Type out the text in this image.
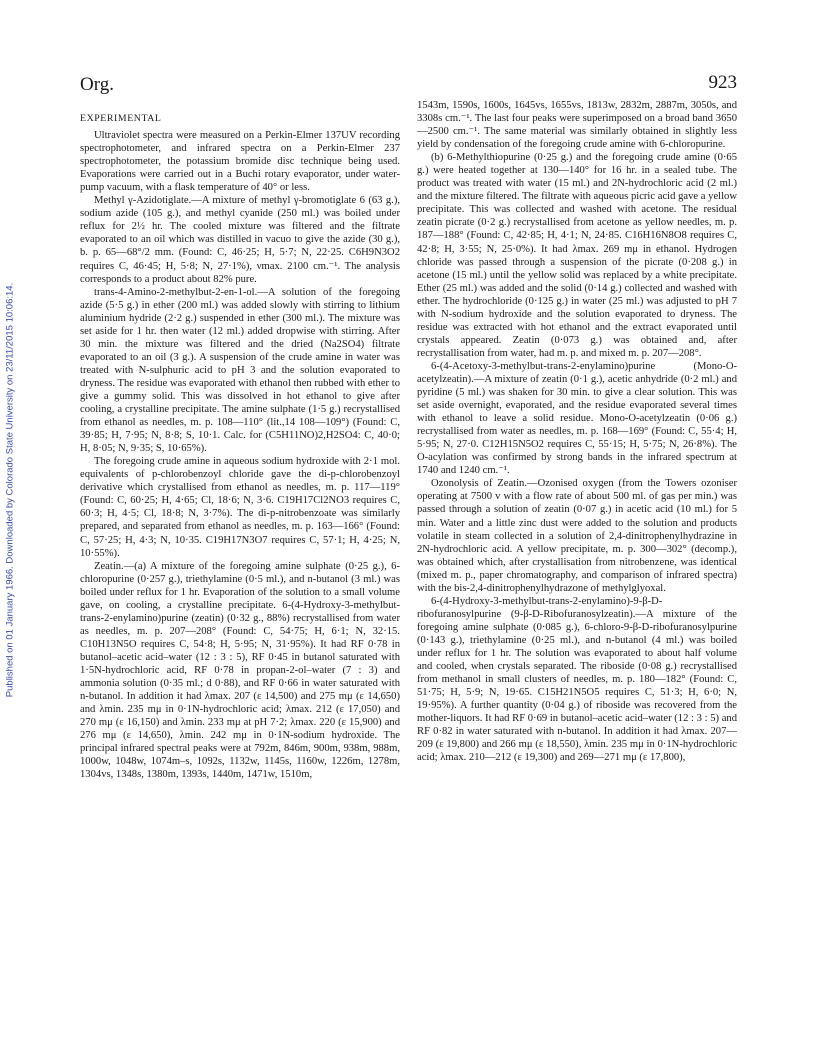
Org.	923
Published on 01 January 1966. Downloaded by Colorado State University on 23/11/2015 10:06:14.

EXPERIMENTAL

Ultraviolet spectra were measured on a Perkin-Elmer 137UV recording spectrophotometer, and infrared spectra on a Perkin-Elmer 237 spectrophotometer, the potassium bromide disc technique being used. Evaporations were carried out in a Buchi rotary evaporator, under water-pump vacuum, with a flask temperature of 40° or less.

Methyl γ-Azidotiglate.—A mixture of methyl γ-bromotiglate 6 (63 g.), sodium azide (105 g.), and methyl cyanide (250 ml.) was boiled under reflux for 2½ hr. The cooled mixture was filtered and the filtrate evaporated to an oil which was distilled in vacuo to give the azide (30 g.), b. p. 65—68°/2 mm. (Found: C, 46·25; H, 5·7; N, 22·25. C6H9N3O2 requires C, 46·45; H, 5·8; N, 27·1%), νmax. 2100 cm.⁻¹. The analysis corresponds to a product about 82% pure.

trans-4-Amino-2-methylbut-2-en-1-ol.—A solution of the foregoing azide (5·5 g.) in ether (200 ml.) was added slowly with stirring to lithium aluminium hydride (2·2 g.) suspended in ether (300 ml.). The mixture was set aside for 1 hr. then water (12 ml.) added dropwise with stirring. After 30 min. the mixture was filtered and the dried (Na2SO4) filtrate evaporated to an oil (3 g.). A suspension of the crude amine in water was treated with N-sulphuric acid to pH 3 and the solution evaporated to dryness. The residue was evaporated with ethanol then rubbed with ether to give a gummy solid. This was dissolved in hot ethanol to give after cooling, a crystalline precipitate. The amine sulphate (1·5 g.) recrystallised from ethanol as needles, m. p. 108—110° (lit.,14 108—109°) (Found: C, 39·85; H, 7·95; N, 8·8; S, 10·1. Calc. for (C5H11NO)2,H2SO4: C, 40·0; H, 8·05; N, 9·35; S, 10·65%).

The foregoing crude amine in aqueous sodium hydroxide with 2·1 mol. equivalents of p-chlorobenzoyl chloride gave the di-p-chlorobenzoyl derivative which crystallised from ethanol as needles, m. p. 117—119° (Found: C, 60·25; H, 4·65; Cl, 18·6; N, 3·6. C19H17Cl2NO3 requires C, 60·3; H, 4·5; Cl, 18·8; N, 3·7%). The di-p-nitrobenzoate was similarly prepared, and separated from ethanol as needles, m. p. 163—166° (Found: C, 57·25; H, 4·3; N, 10·35. C19H17N3O7 requires C, 57·1; H, 4·25; N, 10·55%).

Zeatin.—(a) A mixture of the foregoing amine sulphate (0·25 g.), 6-chloropurine (0·257 g.), triethylamine (0·5 ml.), and n-butanol (3 ml.) was boiled under reflux for 1 hr. Evaporation of the solution to a small volume gave, on cooling, a crystalline precipitate. 6-(4-Hydroxy-3-methylbut-trans-2-enylamino)purine (zeatin) (0·32 g., 88%) recrystallised from water as needles, m. p. 207—208° (Found: C, 54·75; H, 6·1; N, 32·15. C10H13N5O requires C, 54·8; H, 5·95; N, 31·95%). It had RF 0·78 in butanol–acetic acid–water (12 : 3 : 5), RF 0·45 in butanol saturated with 1·5N-hydrochloric acid, RF 0·78 in propan-2-ol–water (7 : 3) and ammonia solution (0·35 ml.; d 0·88), and RF 0·66 in water saturated with n-butanol. In addition it had λmax. 207 (ε 14,500) and 275 mμ (ε 14,650) and λmin. 235 mμ in 0·1N-hydrochloric acid; λmax. 212 (ε 17,050) and 270 mμ (ε 16,150) and λmin. 233 mμ at pH 7·2; λmax. 220 (ε 15,900) and 276 mμ (ε 14,650), λmin. 242 mμ in 0·1N-sodium hydroxide. The principal infrared spectral peaks were at 792m, 846m, 900m, 938m, 988m, 1000w, 1048w, 1074m–s, 1092s, 1132w, 1145s, 1160w, 1226m, 1278m, 1304vs, 1348s, 1380m, 1393s, 1440m, 1471w, 1510m,

1543m, 1590s, 1600s, 1645vs, 1655vs, 1813w, 2832m, 2887m, 3050s, and 3308s cm.⁻¹. The last four peaks were superimposed on a broad band 3650—2500 cm.⁻¹. The same material was similarly obtained in slightly less yield by condensation of the foregoing crude amine with 6-chloropurine.

(b) 6-Methylthiopurine (0·25 g.) and the foregoing crude amine (0·65 g.) were heated together at 130—140° for 16 hr. in a sealed tube. The product was treated with water (15 ml.) and 2N-hydrochloric acid (2 ml.) and the mixture filtered. The filtrate with aqueous picric acid gave a yellow precipitate. This was collected and washed with acetone. The residual zeatin picrate (0·2 g.) recrystallised from acetone as yellow needles, m. p. 187—188° (Found: C, 42·85; H, 4·1; N, 24·85. C16H16N8O8 requires C, 42·8; H, 3·55; N, 25·0%). It had λmax. 269 mμ in ethanol. Hydrogen chloride was passed through a suspension of the picrate (0·208 g.) in acetone (15 ml.) until the yellow solid was replaced by a white precipitate. Ether (25 ml.) was added and the solid (0·14 g.) collected and washed with ether. The hydrochloride (0·125 g.) in water (25 ml.) was adjusted to pH 7 with N-sodium hydroxide and the solution evaporated to dryness. The residue was extracted with hot ethanol and the extract evaporated until crystals appeared. Zeatin (0·073 g.) was obtained and, after recrystallisation from water, had m. p. and mixed m. p. 207—208°.

6-(4-Acetoxy-3-methylbut-trans-2-enylamino)purine (Mono-O-acetylzeatin).—A mixture of zeatin (0·1 g.), acetic anhydride (0·2 ml.) and pyridine (5 ml.) was shaken for 30 min. to give a clear solution. This was set aside overnight, evaporated, and the residue evaporated several times with ethanol to leave a solid residue. Mono-O-acetylzeatin (0·06 g.) recrystallised from water as needles, m. p. 168—169° (Found: C, 55·4; H, 5·95; N, 27·0. C12H15N5O2 requires C, 55·15; H, 5·75; N, 26·8%). The O-acylation was confirmed by strong bands in the infrared spectrum at 1740 and 1240 cm.⁻¹.

Ozonolysis of Zeatin.—Ozonised oxygen (from the Towers ozoniser operating at 7500 v with a flow rate of about 500 ml. of gas per min.) was passed through a solution of zeatin (0·07 g.) in acetic acid (10 ml.) for 5 min. Water and a little zinc dust were added to the solution and products volatile in steam collected in a solution of 2,4-dinitrophenylhydrazine in 2N-hydrochloric acid. A yellow precipitate, m. p. 300—302° (decomp.), was obtained which, after crystallisation from nitrobenzene, was identical (mixed m. p., paper chromatography, and comparison of infrared spectra) with the bis-2,4-dinitrophenylhydrazone of methylglyoxal.

6-(4-Hydroxy-3-methylbut-trans-2-enylamino)-9-β-D-ribofuranosylpurine (9-β-D-Ribofuranosylzeatin).—A mixture of the foregoing amine sulphate (0·085 g.), 6-chloro-9-β-D-ribofuranosylpurine (0·143 g.), triethylamine (0·25 ml.), and n-butanol (4 ml.) was boiled under reflux for 1 hr. The solution was evaporated to about half volume and cooled, when crystals separated. The riboside (0·08 g.) recrystallised from methanol in small clusters of needles, m. p. 180—182° (Found: C, 51·75; H, 5·9; N, 19·65. C15H21N5O5 requires C, 51·3; H, 6·0; N, 19·95%). A further quantity (0·04 g.) of riboside was recovered from the mother-liquors. It had RF 0·69 in butanol–acetic acid–water (12 : 3 : 5) and RF 0·82 in water saturated with n-butanol. In addition it had λmax. 207—209 (ε 19,800) and 266 mμ (ε 18,550), λmin. 235 mμ in 0·1N-hydrochloric acid; λmax. 210—212 (ε 19,300) and 269—271 mμ (ε 17,800),
